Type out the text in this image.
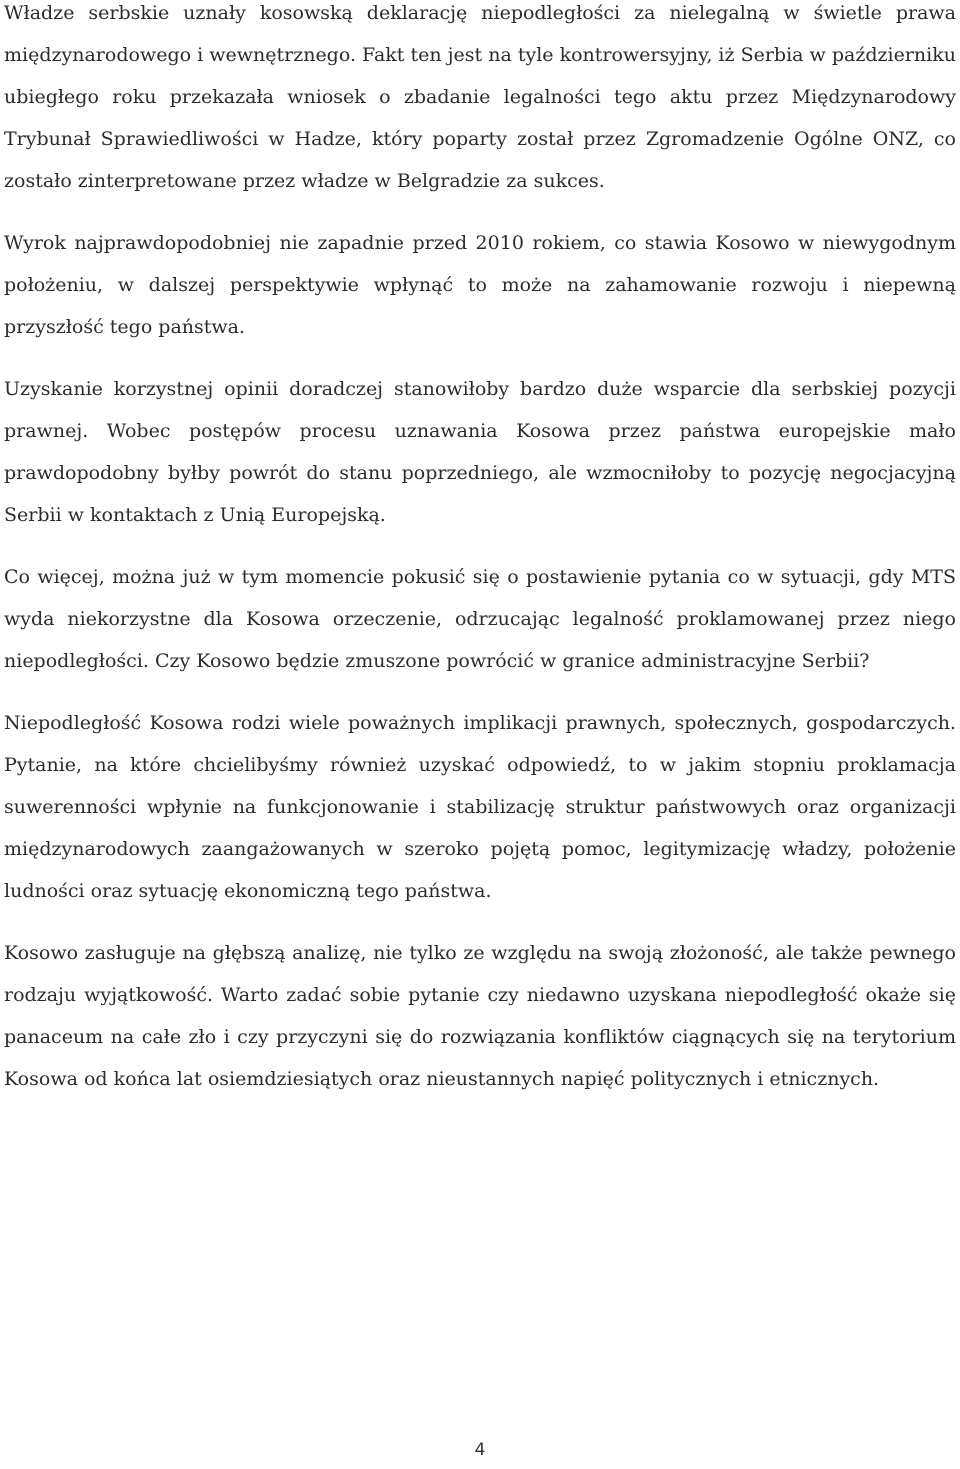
Władze serbskie uznały kosowską deklarację niepodległości za nielegalną w świetle prawa międzynarodowego i wewnętrznego. Fakt ten jest na tyle kontrowersyjny, iż Serbia w październiku ubiegłego roku przekazała wniosek o zbadanie legalności tego aktu przez Międzynarodowy Trybunał Sprawiedliwości w Hadze, który poparty został przez Zgromadzenie Ogólne ONZ, co zostało zinterpretowane przez władze w Belgradzie za sukces.

Wyrok najprawdopodobniej nie zapadnie przed 2010 rokiem, co stawia Kosowo w niewygodnym położeniu, w dalszej perspektywie wpłynąć to może na zahamowanie rozwoju i niepewną przyszłość tego państwa.

Uzyskanie korzystnej opinii doradczej stanowiłoby bardzo duże wsparcie dla serbskiej pozycji prawnej. Wobec postępów procesu uznawania Kosowa przez państwa europejskie mało prawdopodobny byłby powrót do stanu poprzedniego, ale wzmocniłoby to pozycję negocjacyjną Serbii w kontaktach z Unią Europejską.

Co więcej, można już w tym momencie pokusić się o postawienie pytania co w sytuacji, gdy MTS wyda niekorzystne dla Kosowa orzeczenie, odrzucając legalność proklamowanej przez niego niepodległości. Czy Kosowo będzie zmuszone powrócić w granice administracyjne Serbii?

Niepodległość Kosowa rodzi wiele poważnych implikacji prawnych, społecznych, gospodarczych. Pytanie, na które chcielibyśmy również uzyskać odpowiedź, to w jakim stopniu proklamacja suwerenności wpłynie na funkcjonowanie i stabilizację struktur państwowych oraz organizacji międzynarodowych zaangażowanych w szeroko pojętą pomoc, legitymizację władzy, położenie ludności oraz sytuację ekonomiczną tego państwa.

Kosowo zasługuje na głębszą analizę, nie tylko ze względu na swoją złożoność, ale także pewnego rodzaju wyjątkowość. Warto zadać sobie pytanie czy niedawno uzyskana niepodległość okaże się panaceum na całe zło i czy przyczyni się do rozwiązania konfliktów ciągnących się na terytorium Kosowa od końca lat osiemdziesiątych oraz nieustannych napięć politycznych i etnicznych.

4
